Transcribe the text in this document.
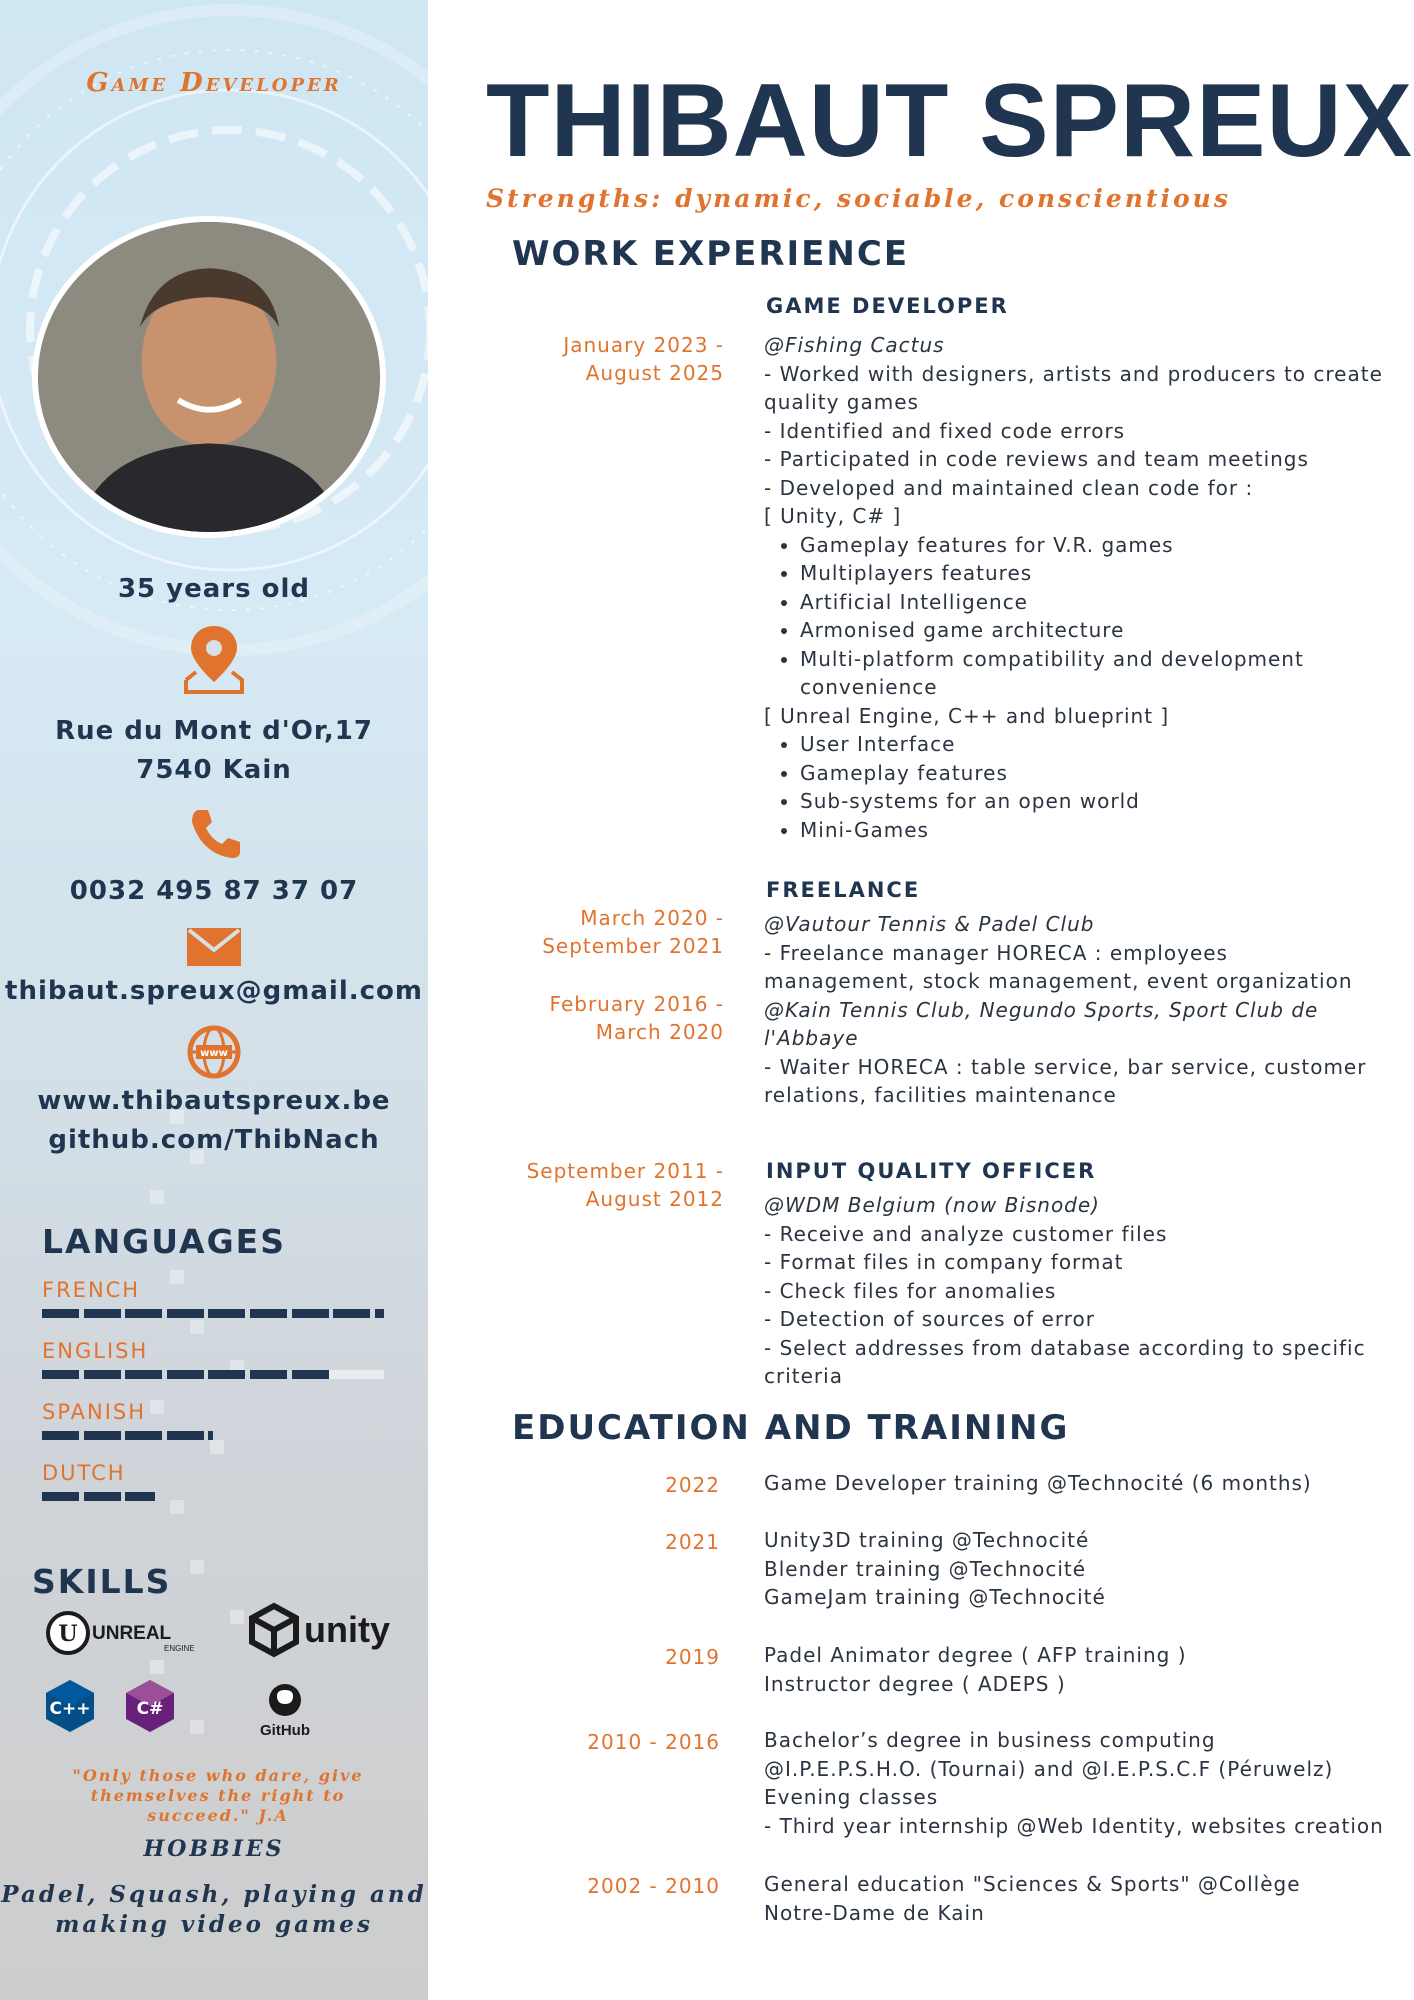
Game Developer
35 years old
Rue du Mont d'Or,17
7540 Kain
0032 495 87 37 07
thibaut.spreux@gmail.com
www
www.thibautspreux.be
github.com/ThibNach
LANGUAGES
FRENCH
ENGLISH
SPANISH
DUTCH
SKILLS
U UNREAL
ENGINE	unity
C++	C#
GitHub
"Only those who dare, give themselves the right to succeed." J.A
HOBBIES
Padel, Squash, playing and making video games
THIBAUT SPREUX
Strengths: dynamic, sociable, conscientious
WORK EXPERIENCE
GAME DEVELOPER
January 2023 - August 2025
@Fishing Cactus
- Worked with designers, artists and producers to create quality games
- Identified and fixed code errors
- Participated in code reviews and team meetings
- Developed and maintained clean code for :
[ Unity, C# ]
• Gameplay features for V.R. games
• Multiplayers features
• Artificial Intelligence
• Armonised game architecture
• Multi-platform compatibility and development convenience
[ Unreal Engine, C++ and blueprint ]
• User Interface
• Gameplay features
• Sub-systems for an open world
• Mini-Games
FREELANCE
March 2020 - September 2021
February 2016 - March 2020
@Vautour Tennis & Padel Club
- Freelance manager HORECA : employees management, stock management, event organization
@Kain Tennis Club, Negundo Sports, Sport Club de l'Abbaye
- Waiter HORECA : table service, bar service, customer relations, facilities maintenance
INPUT QUALITY OFFICER
September 2011 - August 2012 @WDM Belgium (now Bisnode)
- Receive and analyze customer files
- Format files in company format
- Check files for anomalies
- Detection of sources of error
- Select addresses from database according to specific criteria
EDUCATION AND TRAINING
2022 Game Developer training @Technocité (6 months)
2021 Unity3D training @Technocité
Blender training @Technocité
GameJam training @Technocité
2019 Padel Animator degree ( AFP training )
Instructor degree ( ADEPS )
2010 - 2016 Bachelor’s degree in business computing
@I.P.E.P.S.H.O. (Tournai) and @I.E.P.S.C.F (Péruwelz)
Evening classes
- Third year internship @Web Identity, websites creation
2002 - 2010 General education "Sciences & Sports" @Collège
Notre-Dame de Kain
